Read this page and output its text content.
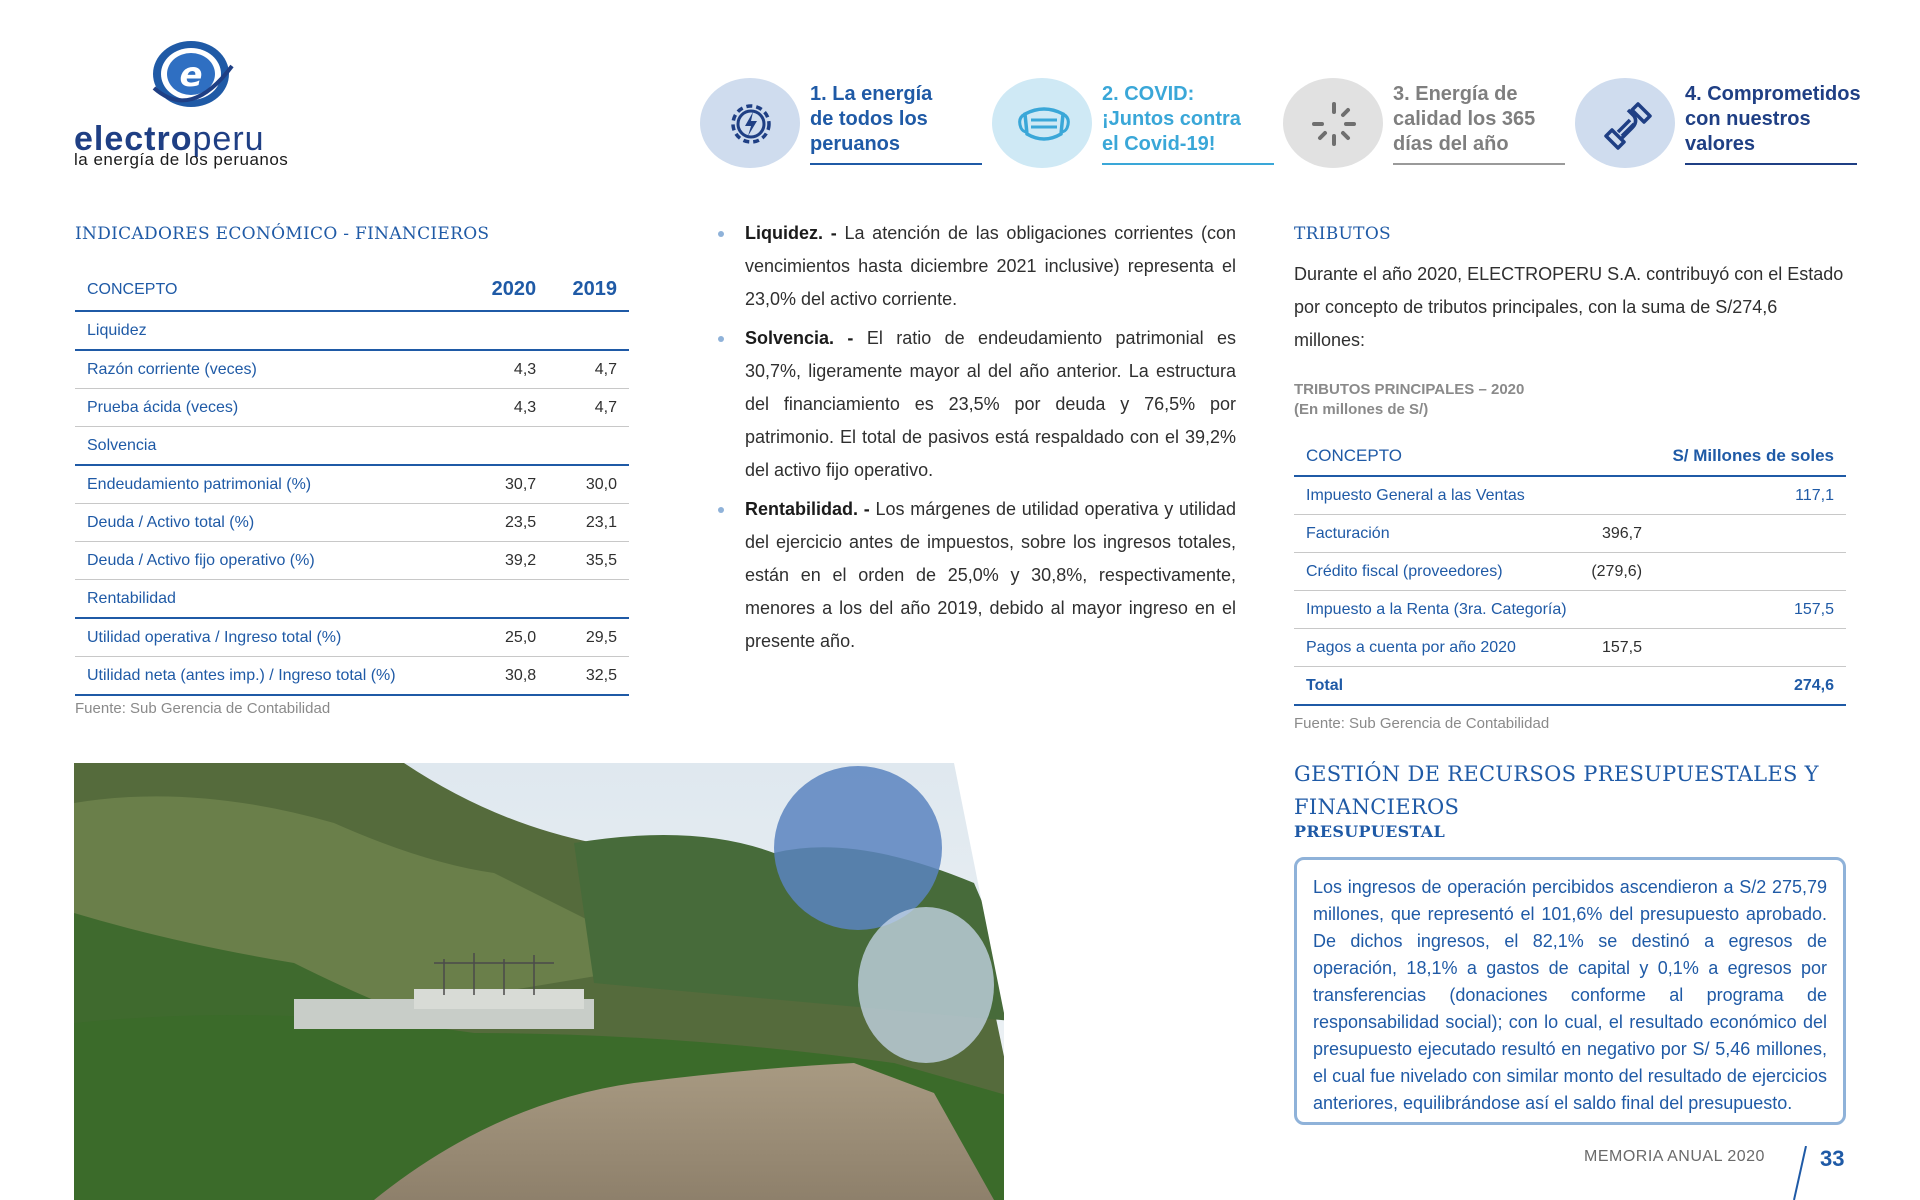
e
electroperu
la energía de los peruanos
1. La energía
de todos los
peruanos
2. COVID:
¡Juntos contra
el Covid-19!
3. Energía de
calidad los 365
días del año
4. Comprometidos
con nuestros
valores
INDICADORES ECONÓMICO - FINANCIEROS
CONCEPTO	2020	2019
Liquidez		
Razón corriente (veces)	4,3	4,7
Prueba ácida (veces)	4,3	4,7
Solvencia		
Endeudamiento patrimonial (%)	30,7	30,0
Deuda / Activo total (%)	23,5	23,1
Deuda / Activo fijo operativo (%)	39,2	35,5
Rentabilidad		
Utilidad operativa / Ingreso total (%)	25,0	29,5
Utilidad neta (antes imp.) / Ingreso total (%)	30,8	32,5
Fuente: Sub Gerencia de Contabilidad
Liquidez. - La atención de las obligaciones corrientes (con vencimientos hasta diciembre 2021 inclusive) representa el 23,0% del activo corriente.
Solvencia. - El ratio de endeudamiento patrimonial es 30,7%, ligeramente mayor al del año anterior. La estructura del financiamiento es 23,5% por deuda y 76,5% por patrimonio. El total de pasivos está respaldado con el 39,2% del activo fijo operativo.
Rentabilidad. - Los márgenes de utilidad operativa y utilidad del ejercicio antes de impuestos, sobre los ingresos totales, están en el orden de 25,0% y 30,8%, respectivamente, menores a los del año 2019, debido al mayor ingreso en el presente año.
TRIBUTOS
Durante el año 2020, ELECTROPERU S.A. contribuyó con el Estado por concepto de tributos principales, con la suma de S/274,6 millones:
TRIBUTOS PRINCIPALES – 2020
(En millones de S/)
CONCEPTO		S/ Millones de soles
Impuesto General a las Ventas		117,1
Facturación	396,7	
Crédito fiscal (proveedores)	(279,6)	
Impuesto a la Renta (3ra. Categoría)		157,5
Pagos a cuenta por año 2020	157,5	
Total		274,6
Fuente: Sub Gerencia de Contabilidad
GESTIÓN DE RECURSOS PRESUPUESTALES Y
FINANCIEROS
PRESUPUESTAL
Los ingresos de operación percibidos ascendieron a S/2 275,79 millones, que representó el 101,6% del presupuesto aprobado. De dichos ingresos, el 82,1% se destinó a egresos de operación, 18,1% a gastos de capital y 0,1% a egresos por transferencias (donaciones conforme al programa de responsabilidad social); con lo cual, el resultado económico del presupuesto ejecutado resultó en negativo por S/ 5,46 millones, el cual fue nivelado con similar monto del resultado de ejercicios anteriores, equilibrándose así el saldo final del presupuesto.
MEMORIA ANUAL 2020	33
